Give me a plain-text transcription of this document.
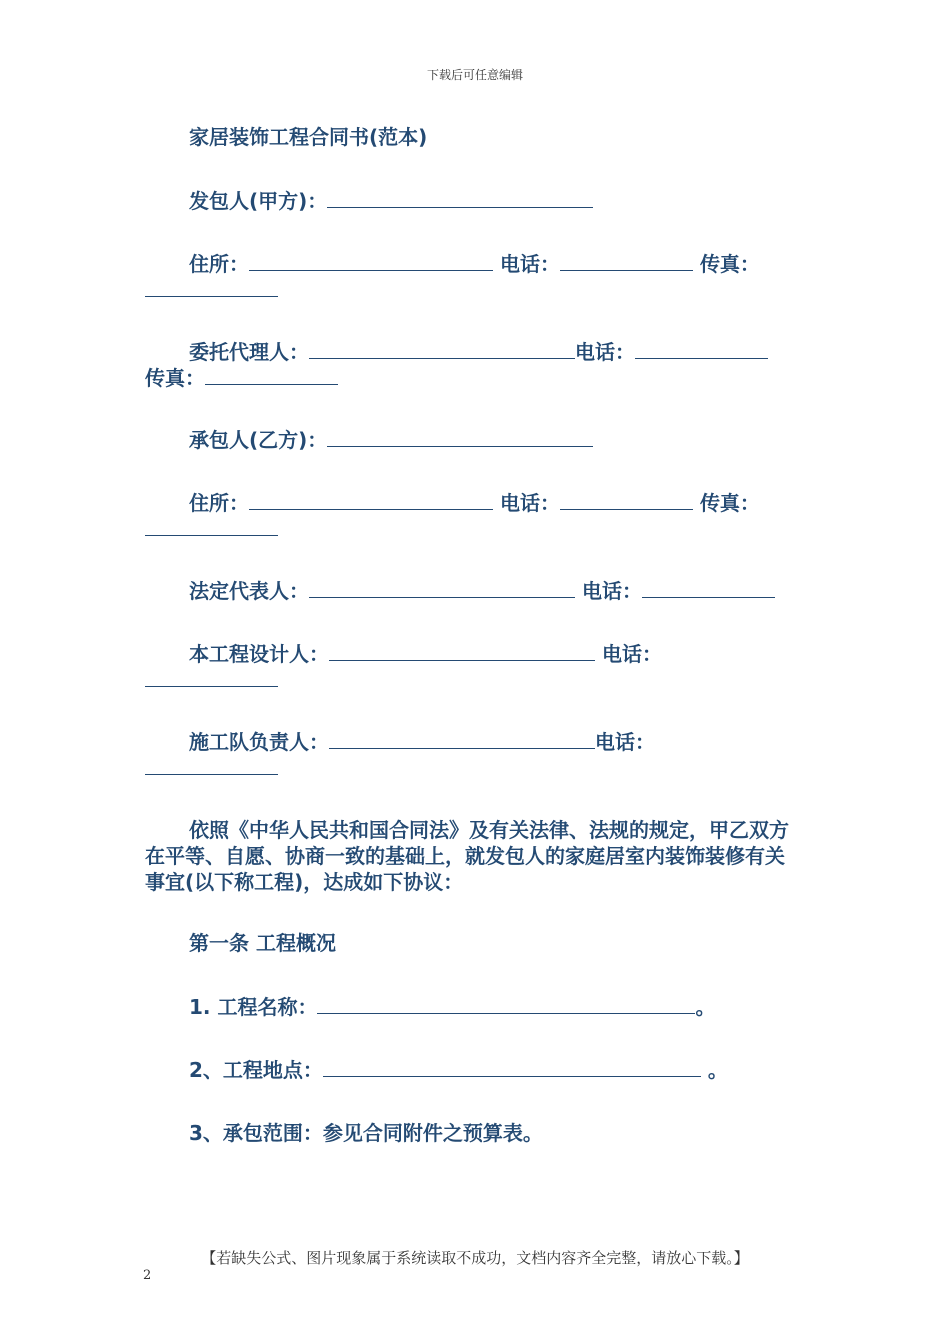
下载后可任意编辑
家居装饰工程合同书(范本)
发包人(甲方)：
住所：	电话：	传真：
委托代理人：	电话：
传真：
承包人(乙方)：
住所：	电话：	传真：
法定代表人：	电话：
本工程设计人：	电话：
施工队负责人：	电话：
依照《中华人民共和国合同法》及有关法律、法规的规定，甲乙双方在平等、自愿、协商一致的基础上，就发包人的家庭居室内装饰装修有关事宜(以下称工程)，达成如下协议：
第一条 工程概况
1. 工程名称：	。
2、工程地点：	。
3、承包范围：参见合同附件之预算表。
【若缺失公式、图片现象属于系统读取不成功，文档内容齐全完整，请放心下载。】
2
